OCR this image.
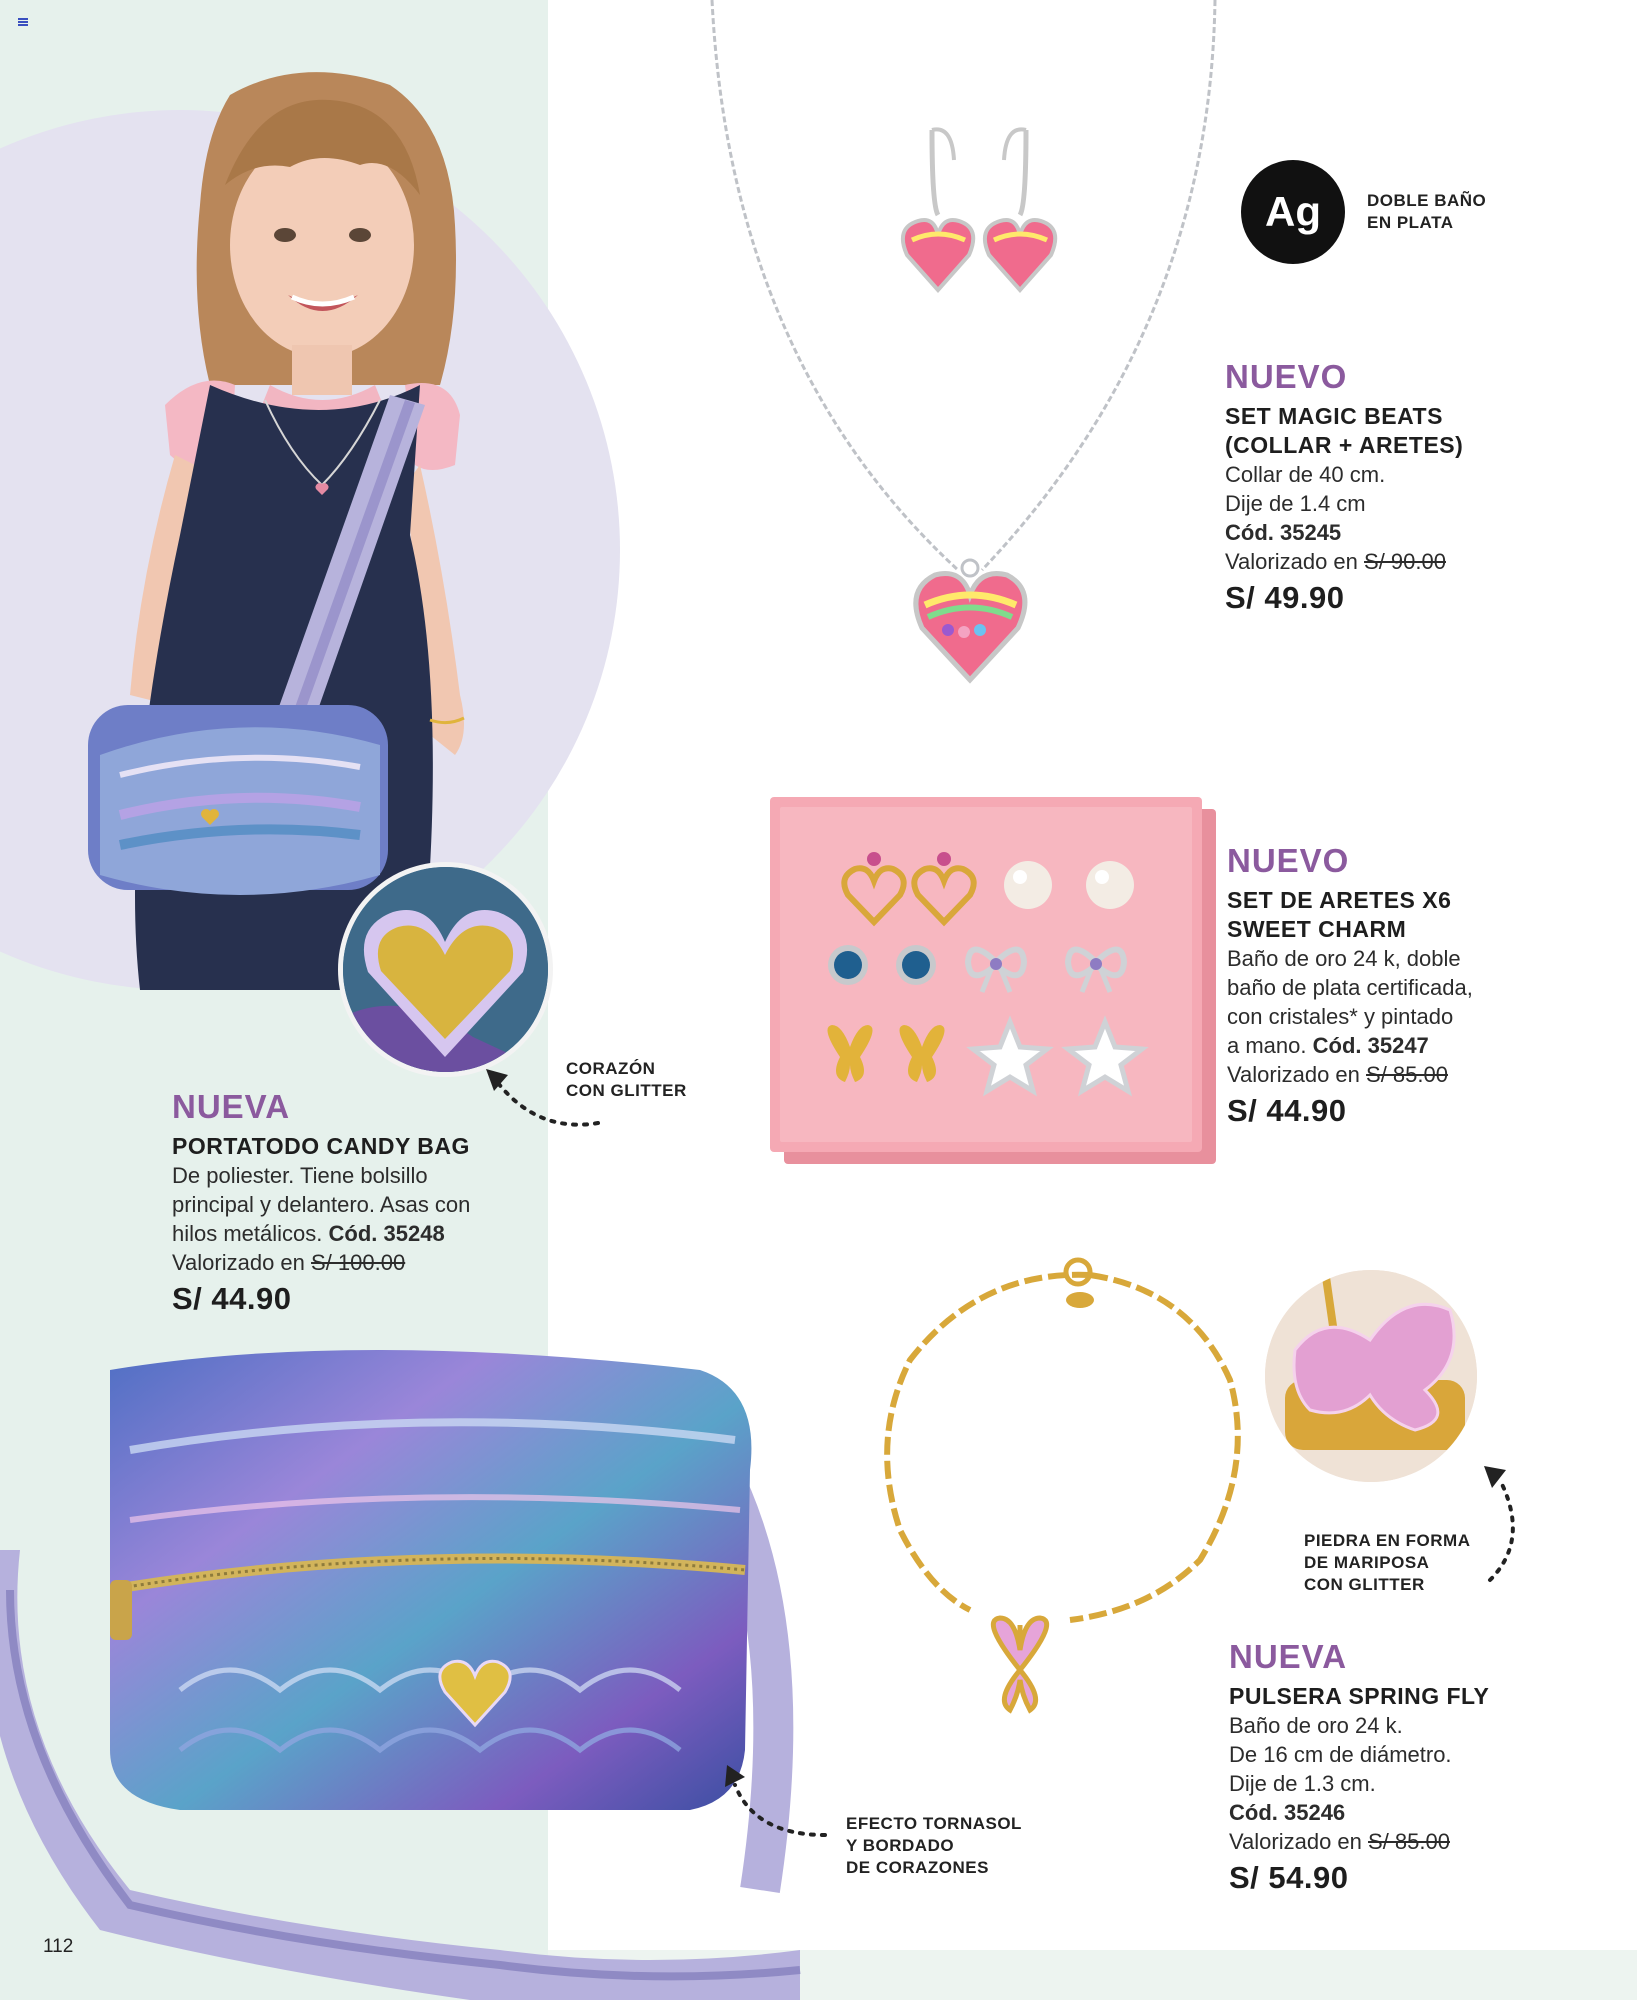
Ag	DOBLE BAÑO
EN PLATA
NUEVO
SET MAGIC BEATS
(COLLAR + ARETES)
Collar de 40 cm.
Dije de 1.4 cm
Cód. 35245
Valorizado en S/ 90.00
S/ 49.90
NUEVO
SET DE ARETES X6
SWEET CHARM
Baño de oro 24 k, doble
baño de plata certificada,
con cristales* y pintado
a mano. Cód. 35247
Valorizado en S/ 85.00
S/ 44.90
CORAZÓN
CON GLITTER
NUEVA
PORTATODO CANDY BAG
De poliester. Tiene bolsillo
principal y delantero. Asas con
hilos metálicos. Cód. 35248
Valorizado en S/ 100.00
S/ 44.90
EFECTO TORNASOL
Y BORDADO
DE CORAZONES
PIEDRA EN FORMA
DE MARIPOSA
CON GLITTER
NUEVA
PULSERA SPRING FLY
Baño de oro 24 k.
De 16 cm de diámetro.
Dije de 1.3 cm.
Cód. 35246
Valorizado en S/ 85.00
S/ 54.90
112
